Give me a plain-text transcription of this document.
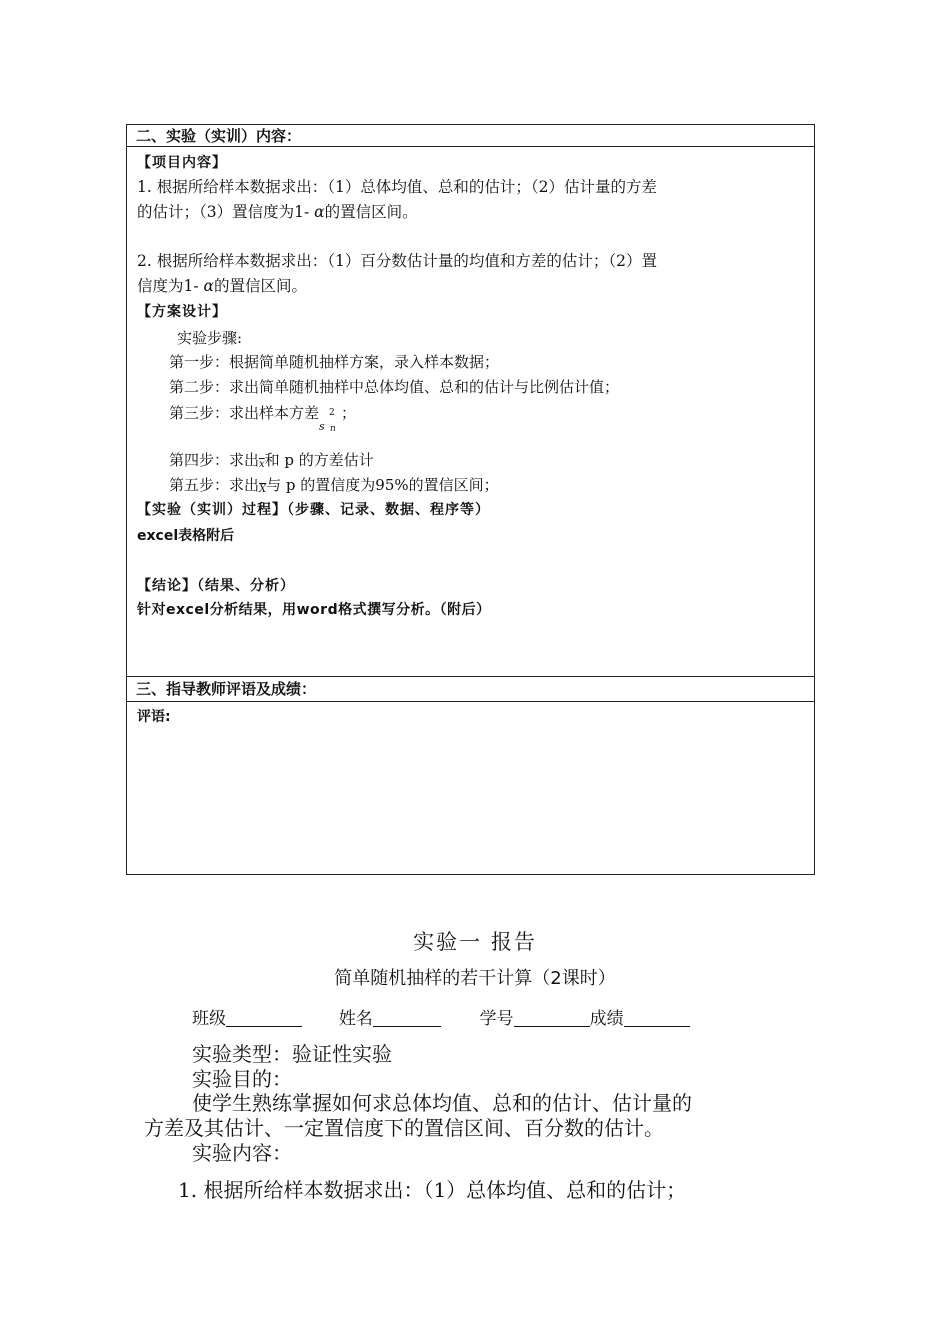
二、实验（实训）内容：
【项目内容】
1. 根据所给样本数据求出：（1）总体均值、总和的估计；（2）估计量的方差
的估计；（3）置信度为1- α的置信区间。
2. 根据所给样本数据求出：（1）百分数估计量的均值和方差的估计；（2）置
信度为1- α的置信区间。
【方案设计】
实验步骤:
第一步：根据简单随机抽样方案，录入样本数据；
第二步：求出简单随机抽样中总体均值、总和的估计与比例估计值；
第三步：求出样本方差
s
2
n
；
第四步：求出$\overline{x}$和 p 的方差估计
第五步：求出$\overline{X}$与 p 的置信度为95%的置信区间；
【实验（实训）过程】（步骤、记录、数据、程序等）
excel表格附后
【结论】（结果、分析）
针对excel分析结果，用word格式撰写分析。（附后）
三、指导教师评语及成绩：
评语:
实验一 报告
简单随机抽样的若干计算（2课时）
班级	姓名	学号	成绩
实验类型：验证性实验
实验目的：
使学生熟练掌握如何求总体均值、总和的估计、估计量的
方差及其估计、一定置信度下的置信区间、百分数的估计。
实验内容：
1. 根据所给样本数据求出：（1）总体均值、总和的估计；
